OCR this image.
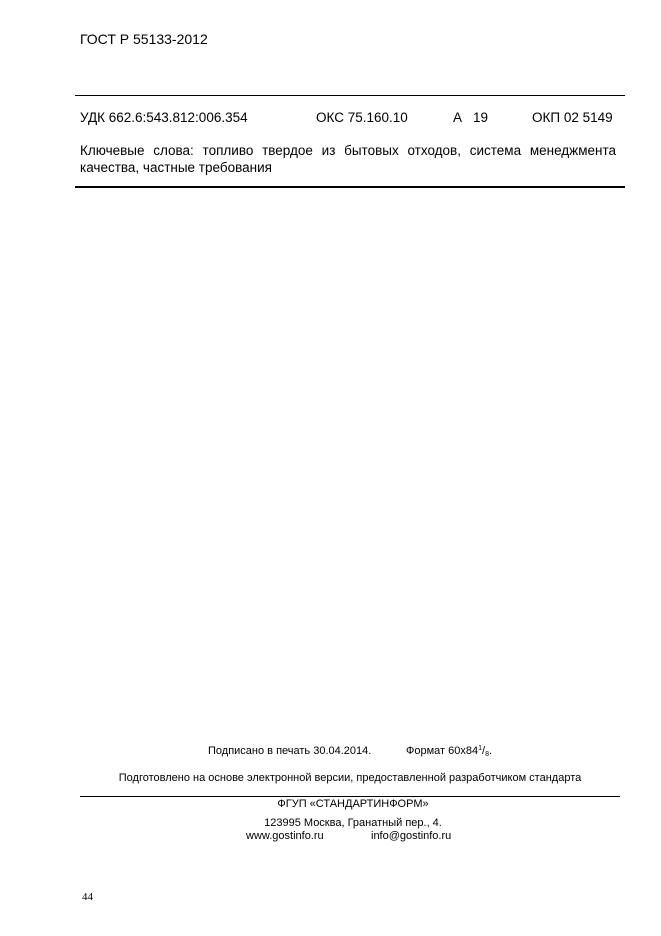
ГОСТ Р 55133-2012
УДК 662.6:543.812:006.354	ОКС 75.160.10	А 19	ОКП 02 5149
Ключевые слова: топливо твердое из бытовых отходов, система менеджмента
качества, частные требования
Подписано в печать 30.04.2014.	Формат $60x84^1/_8$.
Подготовлено на основе электронной версии, предоставленной разработчиком стандарта
ФГУП «СТАНДАРТИНФОРМ»
123995 Москва, Гранатный пер., 4.
www.gostinfo.ru	info@gostinfo.ru
44
